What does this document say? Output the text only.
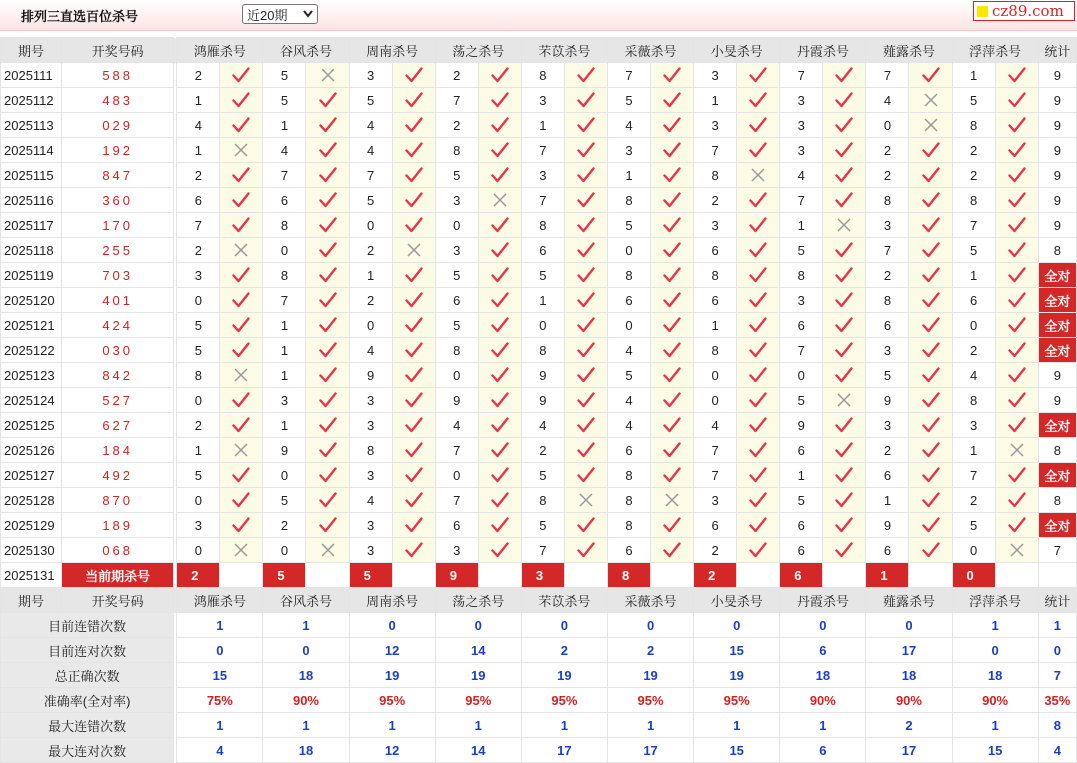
排列三直选百位杀号	近20期	cz89.com
期号	开奖号码		鸿雁杀号		谷风杀号		周南杀号		荡之杀号		芣苡杀号		采薇杀号		小旻杀号		丹霞杀号		薤露杀号		浮萍杀号		统计
2025111	588		2		5		3		2		8		7		3		7		7		1		9
2025112	483		1		5		5		7		3		5		1		3		4		5		9
2025113	029		4		1		4		2		1		4		3		3		0		8		9
2025114	192		1		4		4		8		7		3		7		3		2		2		9
2025115	847		2		7		7		5		3		1		8		4		2		2		9
2025116	360		6		6		5		3		7		8		2		7		8		8		9
2025117	170		7		8		0		0		8		5		3		1		3		7		9
2025118	255		2		0		2		3		6		0		6		5		7		5		8
2025119	703		3		8		1		5		5		8		8		8		2		1		全对
2025120	401		0		7		2		6		1		6		6		3		8		6		全对
2025121	424		5		1		0		5		0		0		1		6		6		0		全对
2025122	030		5		1		4		8		8		4		8		7		3		2		全对
2025123	842		8		1		9		0		9		5		0		0		5		4		9
2025124	527		0		3		3		9		9		4		0		5		9		8		9
2025125	627		2		1		3		4		4		4		4		9		3		3		全对
2025126	184		1		9		8		7		2		6		7		6		2		1		8
2025127	492		5		0		3		0		5		8		7		1		6		7		全对
2025128	870		0		5		4		7		8		8		3		5		1		2		8
2025129	189		3		2		3		6		5		8		6		6		9		5		全对
2025130	068		0		0		3		3		7		6		2		6		6		0		7
2025131	当前期杀号		2		5		5		9		3		8		2		6		1		0		
期号	开奖号码		鸿雁杀号		谷风杀号		周南杀号		荡之杀号		芣苡杀号		采薇杀号		小旻杀号		丹霞杀号		薤露杀号		浮萍杀号		统计
目前连错次数			1		1		0		0		0		0		0		0		0		1		1
目前连对次数			0		0		12		14		2		2		15		6		17		0		0
总正确次数			15		18		19		19		19		19		19		18		18		18		7
准确率(全对率)			75%		90%		95%		95%		95%		95%		95%		90%		90%		90%		35%
最大连错次数			1		1		1		1		1		1		1		1		2		1		8
最大连对次数			4		18		12		14		17		17		15		6		17		15		4
